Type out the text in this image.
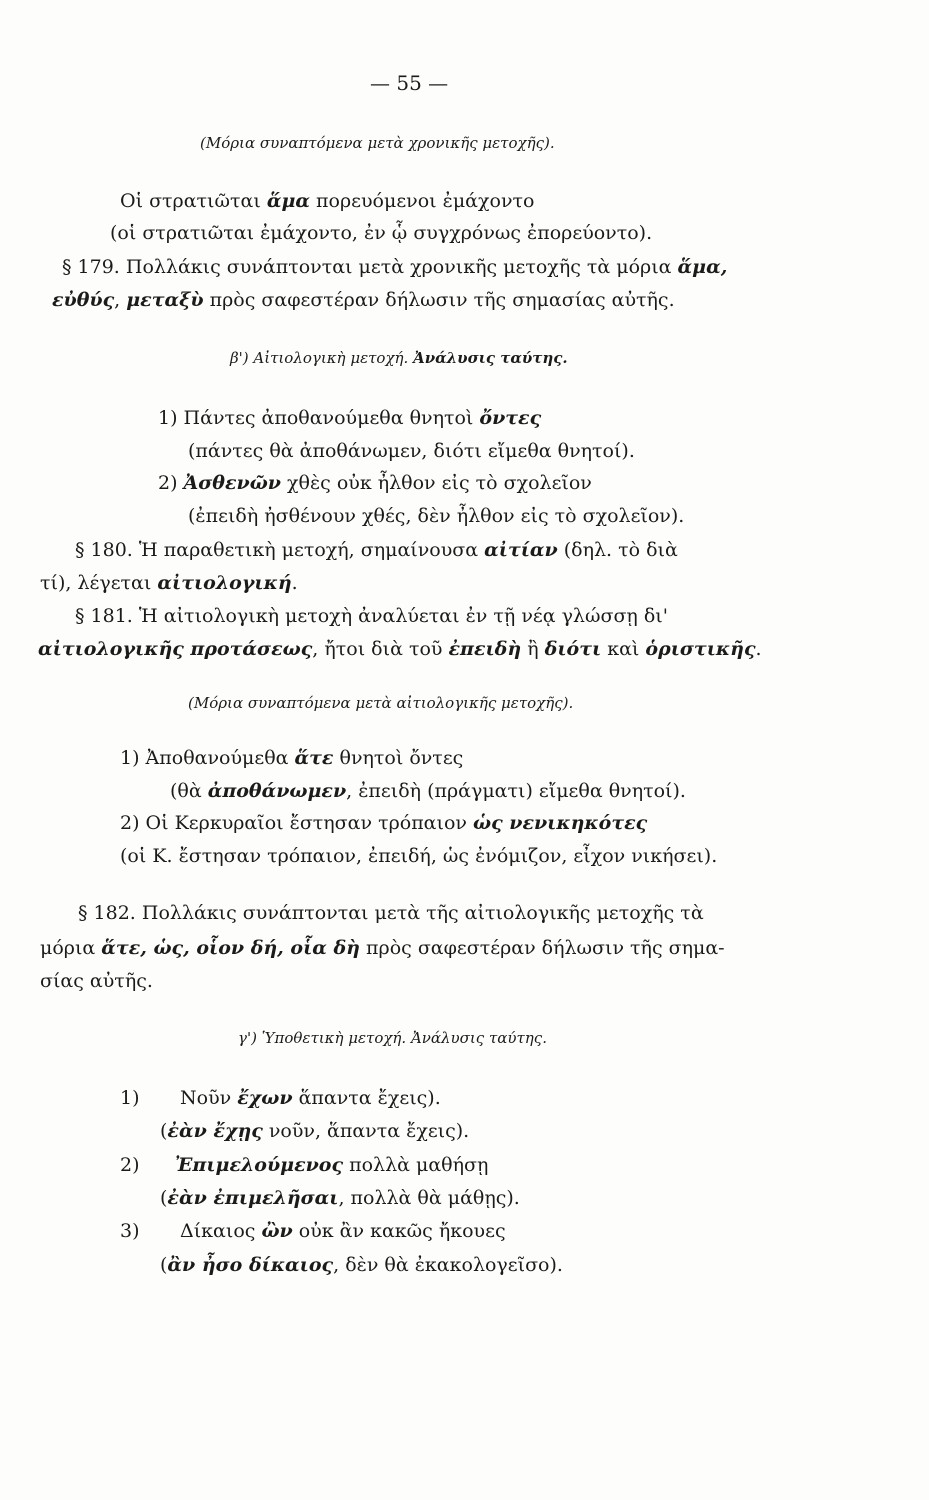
— 55 —
(Μόρια συναπτόμενα μετὰ χρονικῆς μετοχῆς).
Οἱ στρατιῶται ἅμα πορευόμενοι ἐμάχοντο
(οἱ στρατιῶται ἐμάχοντο, ἐν ᾧ συγχρόνως ἐπορεύοντο).
§ 179. Πολλάκις συνάπτονται μετὰ χρονικῆς μετοχῆς τὰ μόρια ἅμα,
εὐθύς, μεταξὺ πρὸς σαφεστέραν δήλωσιν τῆς σημασίας αὐτῆς.
β') Αἰτιολογικὴ μετοχή. Ἀνάλυσις ταύτης.
1) Πάντες ἀποθανούμεθα θνητοὶ ὄντες
(πάντες θὰ ἀποθάνωμεν, διότι εἴμεθα θνητοί).
2) Ἀσθενῶν χθὲς οὐκ ἦλθον εἰς τὸ σχολεῖον
(ἐπειδὴ ἠσθένουν χθές, δὲν ἦλθον εἰς τὸ σχολεῖον).
§ 180. Ἡ παραθετικὴ μετοχή, σημαίνουσα αἰτίαν (δηλ. τὸ διὰ
τί), λέγεται αἰτιολογική.
§ 181. Ἡ αἰτιολογικὴ μετοχὴ ἀναλύεται ἐν τῇ νέᾳ γλώσσῃ δι'
αἰτιολογικῆς προτάσεως, ἤτοι διὰ τοῦ ἐπειδὴ ἢ διότι καὶ ὁριστικῆς.
(Μόρια συναπτόμενα μετὰ αἰτιολογικῆς μετοχῆς).
1) Ἀποθανούμεθα ἅτε θνητοὶ ὄντες
(θὰ ἀποθάνωμεν, ἐπειδὴ (πράγματι) εἴμεθα θνητοί).
2) Οἱ Κερκυραῖοι ἔστησαν τρόπαιον ὡς νενικηκότες
(οἱ Κ. ἔστησαν τρόπαιον, ἐπειδή, ὡς ἐνόμιζον, εἶχον νικήσει).
§ 182. Πολλάκις συνάπτονται μετὰ τῆς αἰτιολογικῆς μετοχῆς τὰ
μόρια ἅτε, ὡς, οἷον δή, οἷα δὴ πρὸς σαφεστέραν δήλωσιν τῆς σημα-
σίας αὐτῆς.
γ') Ὑποθετικὴ μετοχή. Ἀνάλυσις ταύτης.
1) Νοῦν ἔχων ἅπαντα ἔχεις).
(ἐὰν ἔχῃς νοῦν, ἅπαντα ἔχεις).
2) Ἐπιμελούμενος πολλὰ μαθήσῃ
(ἐὰν ἐπιμελῆσαι, πολλὰ θὰ μάθῃς).
3) Δίκαιος ὢν οὐκ ἂν κακῶς ἤκουες
(ἂν ἦσο δίκαιος, δὲν θὰ ἐκακολογεῖσο).
